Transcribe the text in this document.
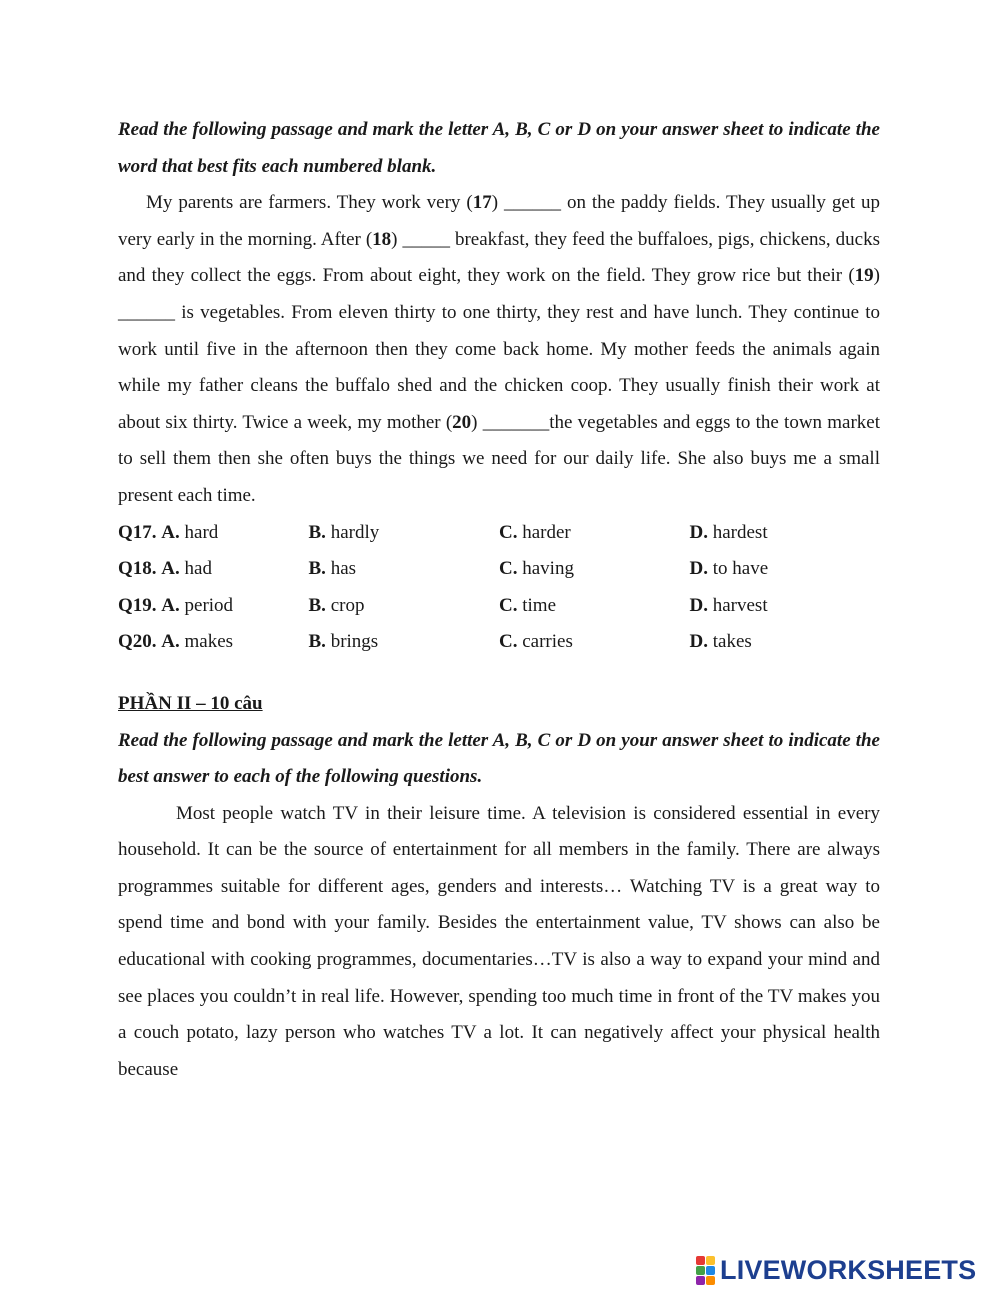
Read the following passage and mark the letter A, B, C or D on your answer sheet to indicate the word that best fits each numbered blank.

My parents are farmers. They work very (17) ______ on the paddy fields. They usually get up very early in the morning. After (18) _____ breakfast, they feed the buffaloes, pigs, chickens, ducks and they collect the eggs. From about eight, they work on the field. They grow rice but their (19) ______ is vegetables. From eleven thirty to one thirty, they rest and have lunch. They continue to work until five in the afternoon then they come back home. My mother feeds the animals again while my father cleans the buffalo shed and the chicken coop. They usually finish their work at about six thirty. Twice a week, my mother (20) _______the vegetables and eggs to the town market to sell them then she often buys the things we need for our daily life. She also buys me a small present each time.

Q17. A. hard	B. hardly	C. harder	D. hardest
Q18. A. had	B. has	C. having	D. to have
Q19. A. period	B. crop	C. time	D. harvest
Q20. A. makes	B. brings	C. carries	D. takes
PHẦN II – 10 câu

Read the following passage and mark the letter A, B, C or D on your answer sheet to indicate the best answer to each of the following questions.

Most people watch TV in their leisure time. A television is considered essential in every household. It can be the source of entertainment for all members in the family. There are always programmes suitable for different ages, genders and interests… Watching TV is a great way to spend time and bond with your family. Besides the entertainment value, TV shows can also be educational with cooking programmes, documentaries…TV is also a way to expand your mind and see places you couldn’t in real life. However, spending too much time in front of the TV makes you a couch potato, lazy person who watches TV a lot. It can negatively affect your physical health because

LIVEWORKSHEETS
